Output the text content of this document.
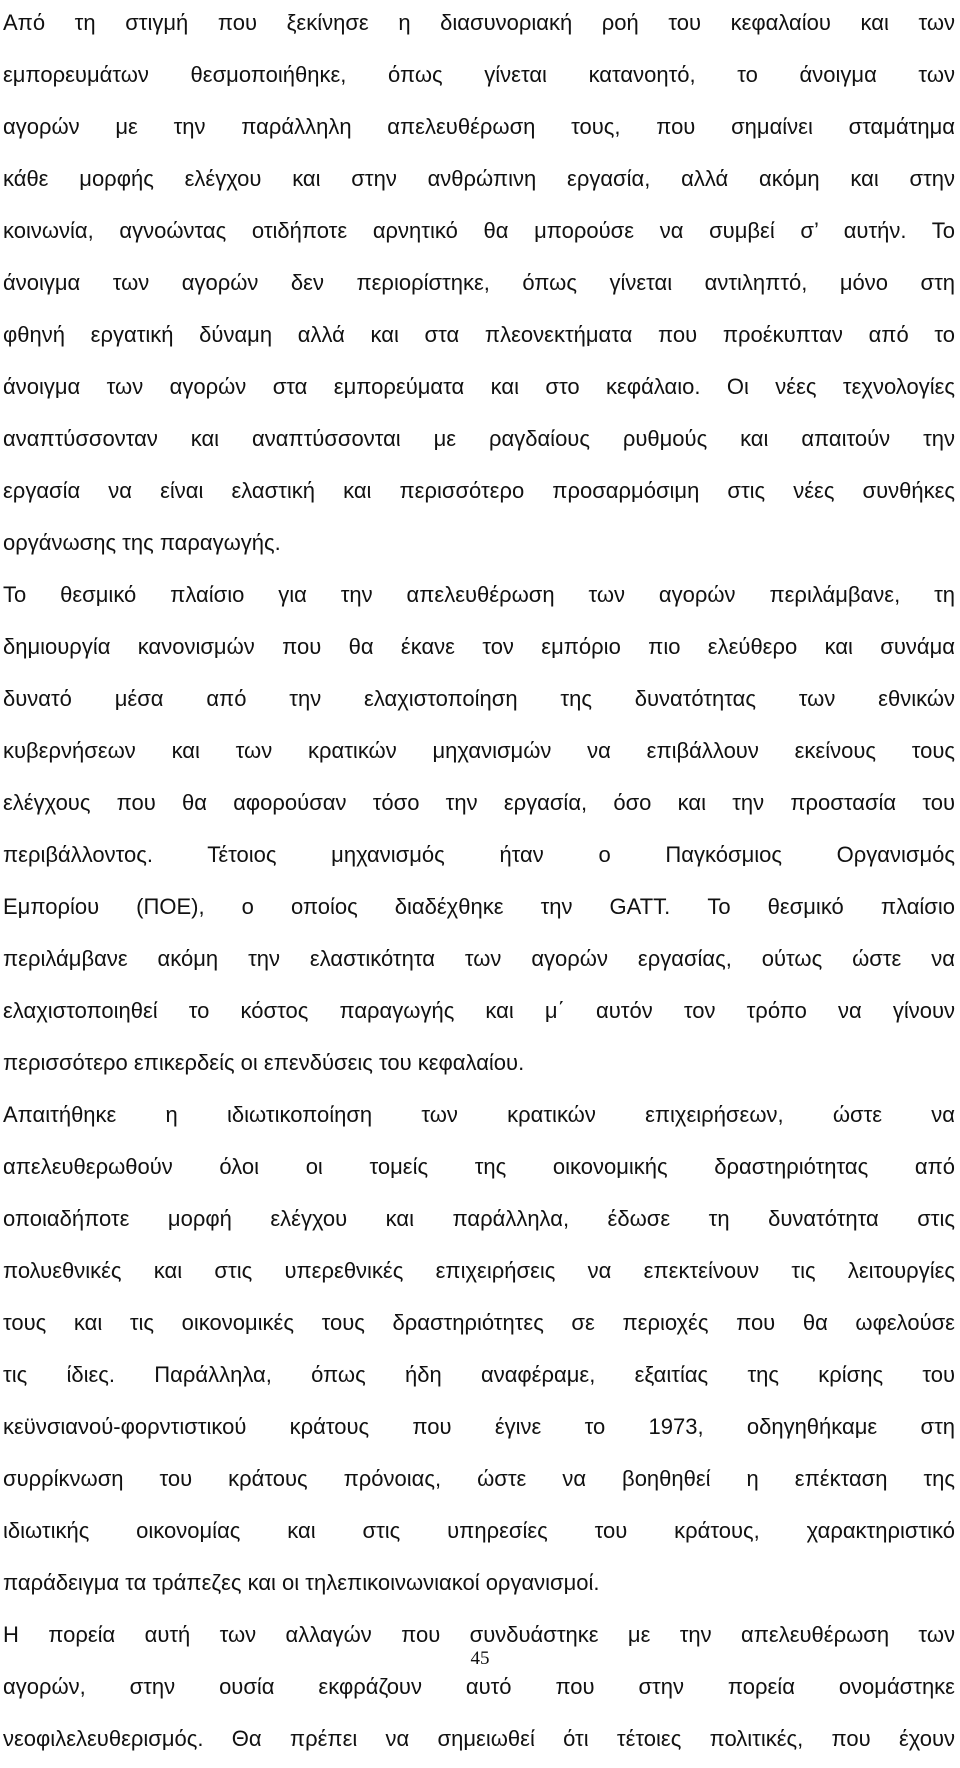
Από τη στιγμή που ξεκίνησε η διασυνοριακή ροή του κεφαλαίου και των
εμπορευμάτων θεσμοποιήθηκε, όπως γίνεται κατανοητό, το άνοιγμα των
αγορών με την παράλληλη απελευθέρωση τους, που σημαίνει σταμάτημα
κάθε μορφής ελέγχου και στην ανθρώπινη εργασία, αλλά ακόμη και στην
κοινωνία, αγνοώντας οτιδήποτε αρνητικό θα μπορούσε να συμβεί σ’ αυτήν. Το
άνοιγμα των αγορών δεν περιορίστηκε, όπως γίνεται αντιληπτό, μόνο στη
φθηνή εργατική δύναμη αλλά και στα πλεονεκτήματα που προέκυπταν από το
άνοιγμα των αγορών στα εμπορεύματα και στο κεφάλαιο. Οι νέες τεχνολογίες
αναπτύσσονταν και αναπτύσσονται με ραγδαίους ρυθμούς και απαιτούν την
εργασία να είναι ελαστική και περισσότερο προσαρμόσιμη στις νέες συνθήκες
οργάνωσης της παραγωγής.
Το θεσμικό πλαίσιο για την απελευθέρωση των αγορών περιλάμβανε, τη
δημιουργία κανονισμών που θα έκανε τον εμπόριο πιο ελεύθερο και συνάμα
δυνατό μέσα από την ελαχιστοποίηση της δυνατότητας των εθνικών
κυβερνήσεων και των κρατικών μηχανισμών να επιβάλλουν εκείνους τους
ελέγχους που θα αφορούσαν τόσο την εργασία, όσο και την προστασία του
περιβάλλοντος. Τέτοιος μηχανισμός ήταν ο Παγκόσμιος Οργανισμός
Εμπορίου (ΠΟΕ), ο οποίος διαδέχθηκε την GATT. Το θεσμικό πλαίσιο
περιλάμβανε ακόμη την ελαστικότητα των αγορών εργασίας, ούτως ώστε να
ελαχιστοποιηθεί το κόστος παραγωγής και μ΄ αυτόν τον τρόπο να γίνουν
περισσότερο επικερδείς οι επενδύσεις του κεφαλαίου.
Απαιτήθηκε η ιδιωτικοποίηση των κρατικών επιχειρήσεων, ώστε να
απελευθερωθούν όλοι οι τομείς της οικονομικής δραστηριότητας από
οποιαδήποτε μορφή ελέγχου και παράλληλα, έδωσε τη δυνατότητα στις
πολυεθνικές και στις υπερεθνικές επιχειρήσεις να επεκτείνουν τις λειτουργίες
τους και τις οικονομικές τους δραστηριότητες σε περιοχές που θα ωφελούσε
τις ίδιες. Παράλληλα, όπως ήδη αναφέραμε, εξαιτίας της κρίσης του
κεϋνσιανού-φορντιστικού κράτους που έγινε το 1973, οδηγηθήκαμε στη
συρρίκνωση του κράτους πρόνοιας, ώστε να βοηθηθεί η επέκταση της
ιδιωτικής οικονομίας και στις υπηρεσίες του κράτους, χαρακτηριστικό
παράδειγμα τα τράπεζες και οι τηλεπικοινωνιακοί οργανισμοί.
Η πορεία αυτή των αλλαγών που συνδυάστηκε με την απελευθέρωση των
αγορών, στην ουσία εκφράζουν αυτό που στην πορεία ονομάστηκε
νεοφιλελευθερισμός. Θα πρέπει να σημειωθεί ότι τέτοιες πολιτικές, που έχουν
45
